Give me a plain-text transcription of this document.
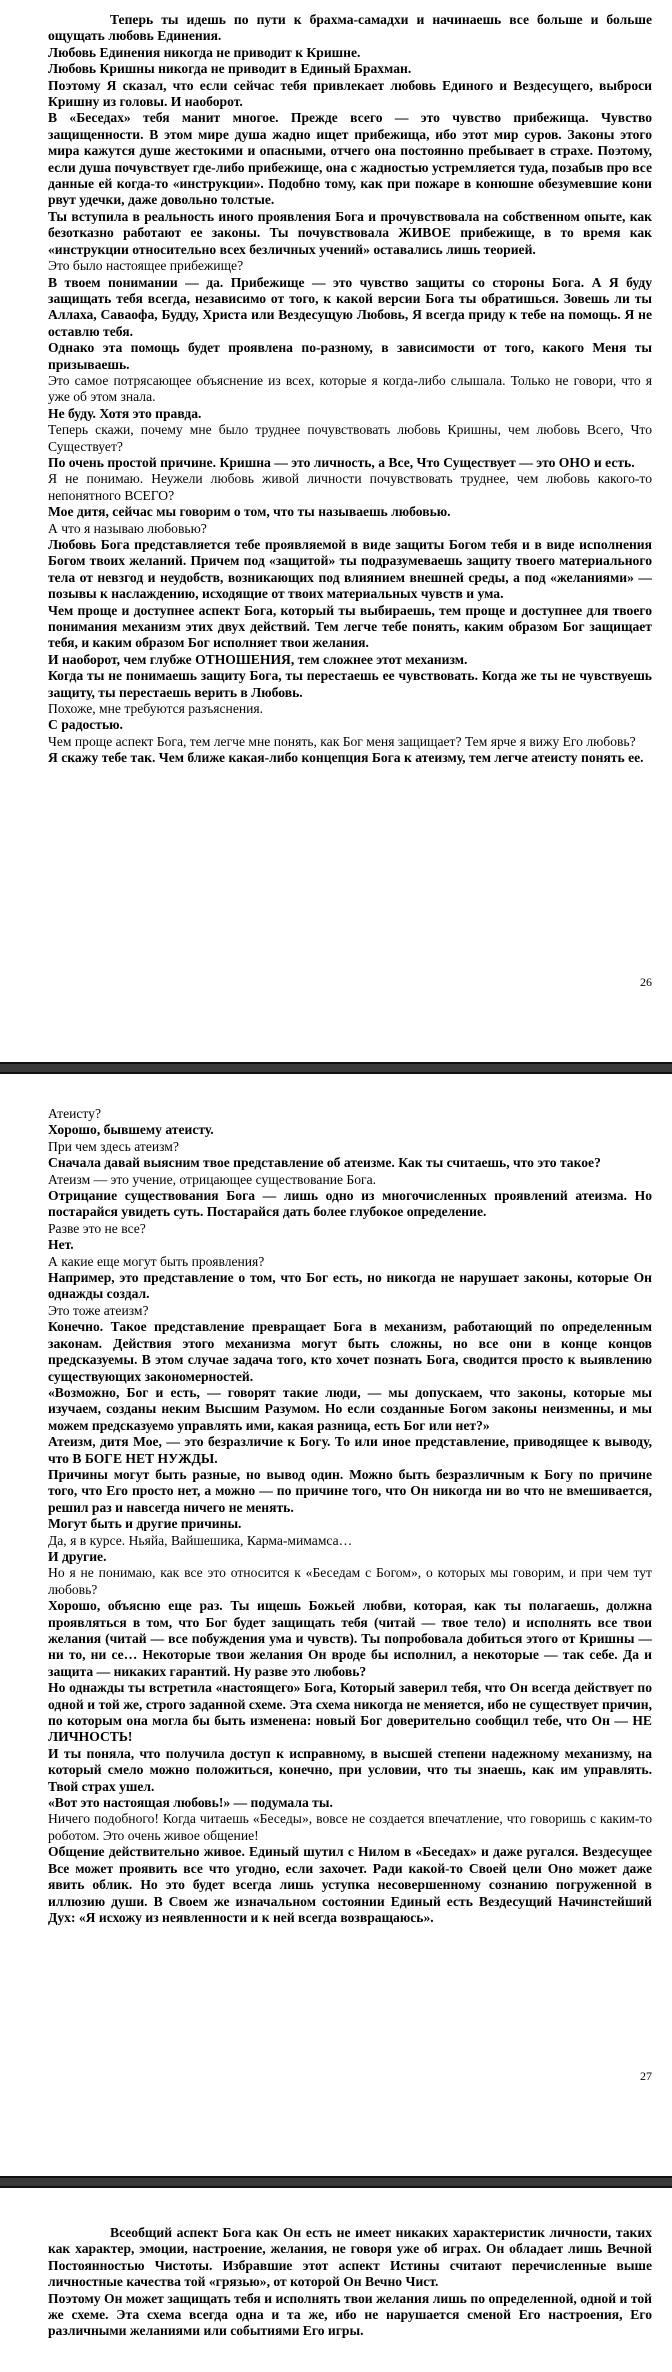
Теперь ты идешь по пути к брахма-самадхи и начинаешь все больше и больше ощущать любовь Единения.

Любовь Единения никогда не приводит к Кришне.

Любовь Кришны никогда не приводит в Единый Брахман.

Поэтому Я сказал, что если сейчас тебя привлекает любовь Единого и Вездесущего, выброси Кришну из головы. И наоборот.

В «Беседах» тебя манит многое. Прежде всего — это чувство прибежища. Чувство защищенности. В этом мире душа жадно ищет прибежища, ибо этот мир суров. Законы этого мира кажутся душе жестокими и опасными, отчего она постоянно пребывает в страхе. Поэтому, если душа почувствует где-либо прибежище, она с жадностью устремляется туда, позабыв про все данные ей когда-то «инструкции». Подобно тому, как при пожаре в конюшне обезумевшие кони рвут удечки, даже довольно толстые.

Ты вступила в реальность иного проявления Бога и прочувствовала на собственном опыте, как безотказно работают ее законы. Ты почувствовала ЖИВОЕ прибежище, в то время как «инструкции относительно всех безличных учений» оставались лишь теорией.

Это было настоящее прибежище?

В твоем понимании — да. Прибежище — это чувство защиты со стороны Бога. А Я буду защищать тебя всегда, независимо от того, к какой версии Бога ты обратишься. Зовешь ли ты Аллаха, Саваофа, Будду, Христа или Вездесущую Любовь, Я всегда приду к тебе на помощь. Я не оставлю тебя.

Однако эта помощь будет проявлена по-разному, в зависимости от того, какого Меня ты призываешь.

Это самое потрясающее объяснение из всех, которые я когда-либо слышала. Только не говори, что я уже об этом знала.

Не буду. Хотя это правда.

Теперь скажи, почему мне было труднее почувствовать любовь Кришны, чем любовь Всего, Что Существует?

По очень простой причине. Кришна — это личность, а Все, Что Существует — это ОНО и есть.

Я не понимаю. Неужели любовь живой личности почувствовать труднее, чем любовь какого-то непонятного ВСЕГО?

Мое дитя, сейчас мы говорим о том, что ты называешь любовью.

А что я называю любовью?

Любовь Бога представляется тебе проявляемой в виде защиты Богом тебя и в виде исполнения Богом твоих желаний. Причем под «защитой» ты подразумеваешь защиту твоего материального тела от невзгод и неудобств, возникающих под влиянием внешней среды, а под «желаниями» — позывы к наслаждению, исходящие от твоих материальных чувств и ума.

Чем проще и доступнее аспект Бога, который ты выбираешь, тем проще и доступнее для твоего понимания механизм этих двух действий. Тем легче тебе понять, каким образом Бог защищает тебя, и каким образом Бог исполняет твои желания.

И наоборот, чем глубже ОТНОШЕНИЯ, тем сложнее этот механизм.

Когда ты не понимаешь защиту Бога, ты перестаешь ее чувствовать. Когда же ты не чувствуешь защиту, ты перестаешь верить в Любовь.

Похоже, мне требуются разъяснения.

С радостью.

Чем проще аспект Бога, тем легче мне понять, как Бог меня защищает? Тем ярче я вижу Его любовь?

Я скажу тебе так. Чем ближе какая-либо концепция Бога к атеизму, тем легче атеисту понять ее.

26

Атеисту?

Хорошо, бывшему атеисту.

При чем здесь атеизм?

Сначала давай выясним твое представление об атеизме. Как ты считаешь, что это такое?

Атеизм — это учение, отрицающее существование Бога.

Отрицание существования Бога — лишь одно из многочисленных проявлений атеизма. Но постарайся увидеть суть. Постарайся дать более глубокое определение.

Разве это не все?

Нет.

А какие еще могут быть проявления?

Например, это представление о том, что Бог есть, но никогда не нарушает законы, которые Он однажды создал.

Это тоже атеизм?

Конечно. Такое представление превращает Бога в механизм, работающий по определенным законам. Действия этого механизма могут быть сложны, но все они в конце концов предсказуемы. В этом случае задача того, кто хочет познать Бога, сводится просто к выявлению существующих закономерностей.

«Возможно, Бог и есть, — говорят такие люди, — мы допускаем, что законы, которые мы изучаем, созданы неким Высшим Разумом. Но если созданные Богом законы неизменны, и мы можем предсказуемо управлять ими, какая разница, есть Бог или нет?»

Атеизм, дитя Мое, — это безразличие к Богу. То или иное представление, приводящее к выводу, что В БОГЕ НЕТ НУЖДЫ.

Причины могут быть разные, но вывод один. Можно быть безразличным к Богу по причине того, что Его просто нет, а можно — по причине того, что Он никогда ни во что не вмешивается, решил раз и навсегда ничего не менять.

Могут быть и другие причины.

Да, я в курсе. Ньяйа, Вайшешика, Карма-мимамса…

И другие.

Но я не понимаю, как все это относится к «Беседам с Богом», о которых мы говорим, и при чем тут любовь?

Хорошо, объясню еще раз. Ты ищешь Божьей любви, которая, как ты полагаешь, должна проявляться в том, что Бог будет защищать тебя (читай — твое тело) и исполнять все твои желания (читай — все побуждения ума и чувств). Ты попробовала добиться этого от Кришны — ни то, ни се… Некоторые твои желания Он вроде бы исполнил, а некоторые — так себе. Да и защита — никаких гарантий. Ну разве это любовь?

Но однажды ты встретила «настоящего» Бога, Который заверил тебя, что Он всегда действует по одной и той же, строго заданной схеме. Эта схема никогда не меняется, ибо не существует причин, по которым она могла бы быть изменена: новый Бог доверительно сообщил тебе, что Он — НЕ ЛИЧНОСТЬ!

И ты поняла, что получила доступ к исправному, в высшей степени надежному механизму, на который смело можно положиться, конечно, при условии, что ты знаешь, как им управлять. Твой страх ушел.

«Вот это настоящая любовь!» — подумала ты.

Ничего подобного! Когда читаешь «Беседы», вовсе не создается впечатление, что говоришь с каким-то роботом. Это очень живое общение!

Общение действительно живое. Единый шутил с Нилом в «Беседах» и даже ругался. Вездесущее Все может проявить все что угодно, если захочет. Ради какой-то Своей цели Оно может даже явить облик. Но это будет всегда лишь уступка несовершенному сознанию погруженной в иллюзию души. В Своем же изначальном состоянии Единый есть Вездесущий Начинстейший Дух: «Я исхожу из неявленности и к ней всегда возвращаюсь».

27

Всеобщий аспект Бога как Он есть не имеет никаких характеристик личности, таких как характер, эмоции, настроение, желания, не говоря уже об играх. Он обладает лишь Вечной Постоянностью Чистоты. Избравшие этот аспект Истины считают перечисленные выше личностные качества той «грязью», от которой Он Вечно Чист.

Поэтому Он может защищать тебя и исполнять твои желания лишь по определенной, одной и той же схеме. Эта схема всегда одна и та же, ибо не нарушается сменой Его настроения, Его различными желаниями или событиями Его игры.
